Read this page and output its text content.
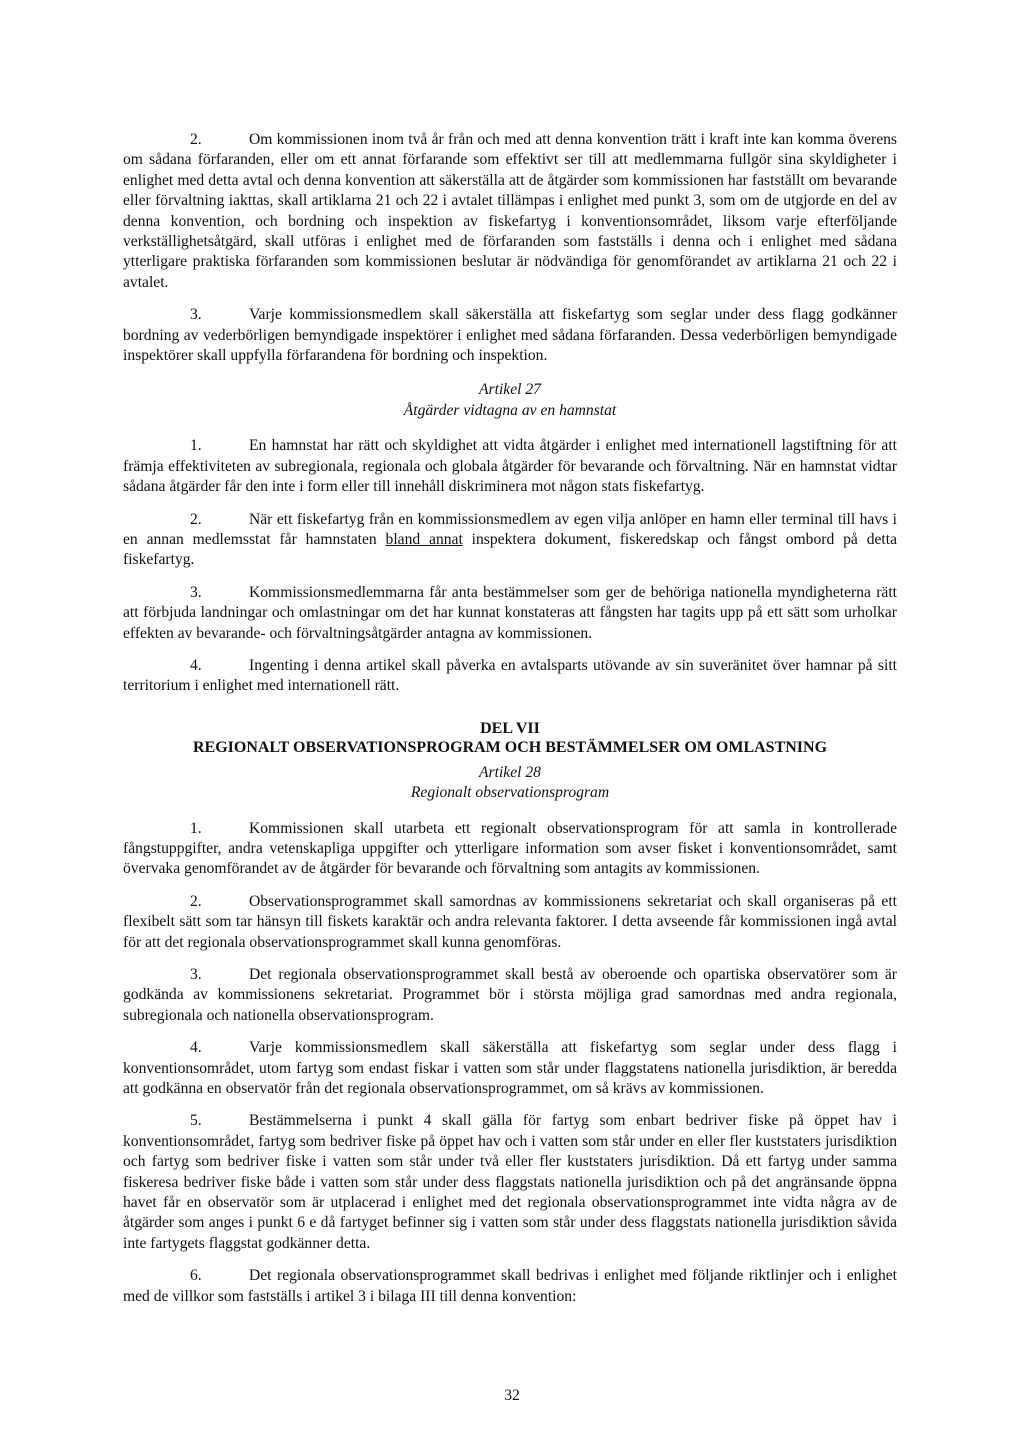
2.	Om kommissionen inom två år från och med att denna konvention trätt i kraft inte kan komma överens om sådana förfaranden, eller om ett annat förfarande som effektivt ser till att medlemmarna fullgör sina skyldigheter i enlighet med detta avtal och denna konvention att säkerställa att de åtgärder som kommissionen har fastställt om bevarande eller förvaltning iakttas, skall artiklarna 21 och 22 i avtalet tillämpas i enlighet med punkt 3, som om de utgjorde en del av denna konvention, och bordning och inspektion av fiskefartyg i konventionsområdet, liksom varje efterföljande verkställighetsåtgärd, skall utföras i enlighet med de förfaranden som fastställs i denna och i enlighet med sådana ytterligare praktiska förfaranden som kommissionen beslutar är nödvändiga för genomförandet av artiklarna 21 och 22 i avtalet.

3.	Varje kommissionsmedlem skall säkerställa att fiskefartyg som seglar under dess flagg godkänner bordning av vederbörligen bemyndigade inspektörer i enlighet med sådana förfaranden. Dessa vederbörligen bemyndigade inspektörer skall uppfylla förfarandena för bordning och inspektion.

Artikel 27
Åtgärder vidtagna av en hamnstat

1.	En hamnstat har rätt och skyldighet att vidta åtgärder i enlighet med internationell lagstiftning för att främja effektiviteten av subregionala, regionala och globala åtgärder för bevarande och förvaltning. När en hamnstat vidtar sådana åtgärder får den inte i form eller till innehåll diskriminera mot någon stats fiskefartyg.

2.	När ett fiskefartyg från en kommissionsmedlem av egen vilja anlöper en hamn eller terminal till havs i en annan medlemsstat får hamnstaten bland annat inspektera dokument, fiskeredskap och fångst ombord på detta fiskefartyg.

3.	Kommissionsmedlemmarna får anta bestämmelser som ger de behöriga nationella myndigheterna rätt att förbjuda landningar och omlastningar om det har kunnat konstateras att fångsten har tagits upp på ett sätt som urholkar effekten av bevarande- och förvaltningsåtgärder antagna av kommissionen.

4.	Ingenting i denna artikel skall påverka en avtalsparts utövande av sin suveränitet över hamnar på sitt territorium i enlighet med internationell rätt.

DEL VII
REGIONALT OBSERVATIONSPROGRAM OCH BESTÄMMELSER OM OMLASTNING
Artikel 28
Regionalt observationsprogram

1.	Kommissionen skall utarbeta ett regionalt observationsprogram för att samla in kontrollerade fångstuppgifter, andra vetenskapliga uppgifter och ytterligare information som avser fisket i konventionsområdet, samt övervaka genomförandet av de åtgärder för bevarande och förvaltning som antagits av kommissionen.

2.	Observationsprogrammet skall samordnas av kommissionens sekretariat och skall organiseras på ett flexibelt sätt som tar hänsyn till fiskets karaktär och andra relevanta faktorer. I detta avseende får kommissionen ingå avtal för att det regionala observationsprogrammet skall kunna genomföras.

3.	Det regionala observationsprogrammet skall bestå av oberoende och opartiska observatörer som är godkända av kommissionens sekretariat. Programmet bör i största möjliga grad samordnas med andra regionala, subregionala och nationella observationsprogram.

4.	Varje kommissionsmedlem skall säkerställa att fiskefartyg som seglar under dess flagg i konventionsområdet, utom fartyg som endast fiskar i vatten som står under flaggstatens nationella jurisdiktion, är beredda att godkänna en observatör från det regionala observationsprogrammet, om så krävs av kommissionen.

5.	Bestämmelserna i punkt 4 skall gälla för fartyg som enbart bedriver fiske på öppet hav i konventionsområdet, fartyg som bedriver fiske på öppet hav och i vatten som står under en eller fler kuststaters jurisdiktion och fartyg som bedriver fiske i vatten som står under två eller fler kuststaters jurisdiktion. Då ett fartyg under samma fiskeresa bedriver fiske både i vatten som står under dess flaggstats nationella jurisdiktion och på det angränsande öppna havet får en observatör som är utplacerad i enlighet med det regionala observationsprogrammet inte vidta några av de åtgärder som anges i punkt 6 e då fartyget befinner sig i vatten som står under dess flaggstats nationella jurisdiktion såvida inte fartygets flaggstat godkänner detta.

6.	Det regionala observationsprogrammet skall bedrivas i enlighet med följande riktlinjer och i enlighet med de villkor som fastställs i artikel 3 i bilaga III till denna konvention:

32
